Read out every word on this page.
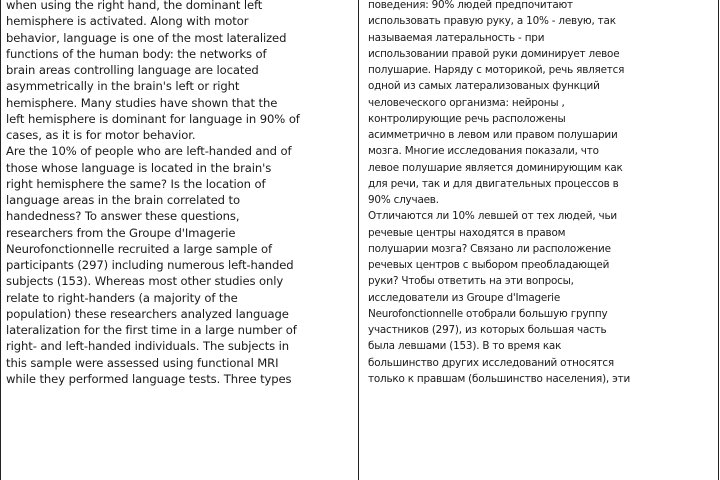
when using the right hand, the dominant left
hemisphere is activated. Along with motor
behavior, language is one of the most lateralized
functions of the human body: the networks of
brain areas controlling language are located
asymmetrically in the brain's left or right
hemisphere. Many studies have shown that the
left hemisphere is dominant for language in 90% of
cases, as it is for motor behavior.
Are the 10% of people who are left-handed and of
those whose language is located in the brain's
right hemisphere the same? Is the location of
language areas in the brain correlated to
handedness? To answer these questions,
researchers from the Groupe d'Imagerie
Neurofonctionnelle recruited a large sample of
participants (297) including numerous left-handed
subjects (153). Whereas most other studies only
relate to right-handers (a majority of the
population) these researchers analyzed language
lateralization for the first time in a large number of
right- and left-handed individuals. The subjects in
this sample were assessed using functional MRI
while they performed language tests. Three types
поведения: 90% людей предпочитают
использовать правую руку, а 10% - левую, так
называемая латеральность - при
использовании правой руки доминирует левое
полушарие. Наряду с моторикой, речь является
одной из самых латерализованых функций
человеческого организма: нейроны ,
контролирующие речь расположены
асимметрично в левом или правом полушарии
мозга. Многие исследования показали, что
левое полушарие является доминирующим как
для речи, так и для двигательных процессов в
90% случаев.
Отличаются ли 10% левшей от тех людей, чьи
речевые центры находятся в правом
полушарии мозга? Связано ли расположение
речевых центров с выбором преобладающей
руки? Чтобы ответить на эти вопросы,
исследователи из Groupe d'Imagerie
Neurofonctionnelle отобрали большую группу
участников (297), из которых большая часть
была левшами (153). В то время как
большинство других исследований относятся
только к правшам (большинство населения), эти
